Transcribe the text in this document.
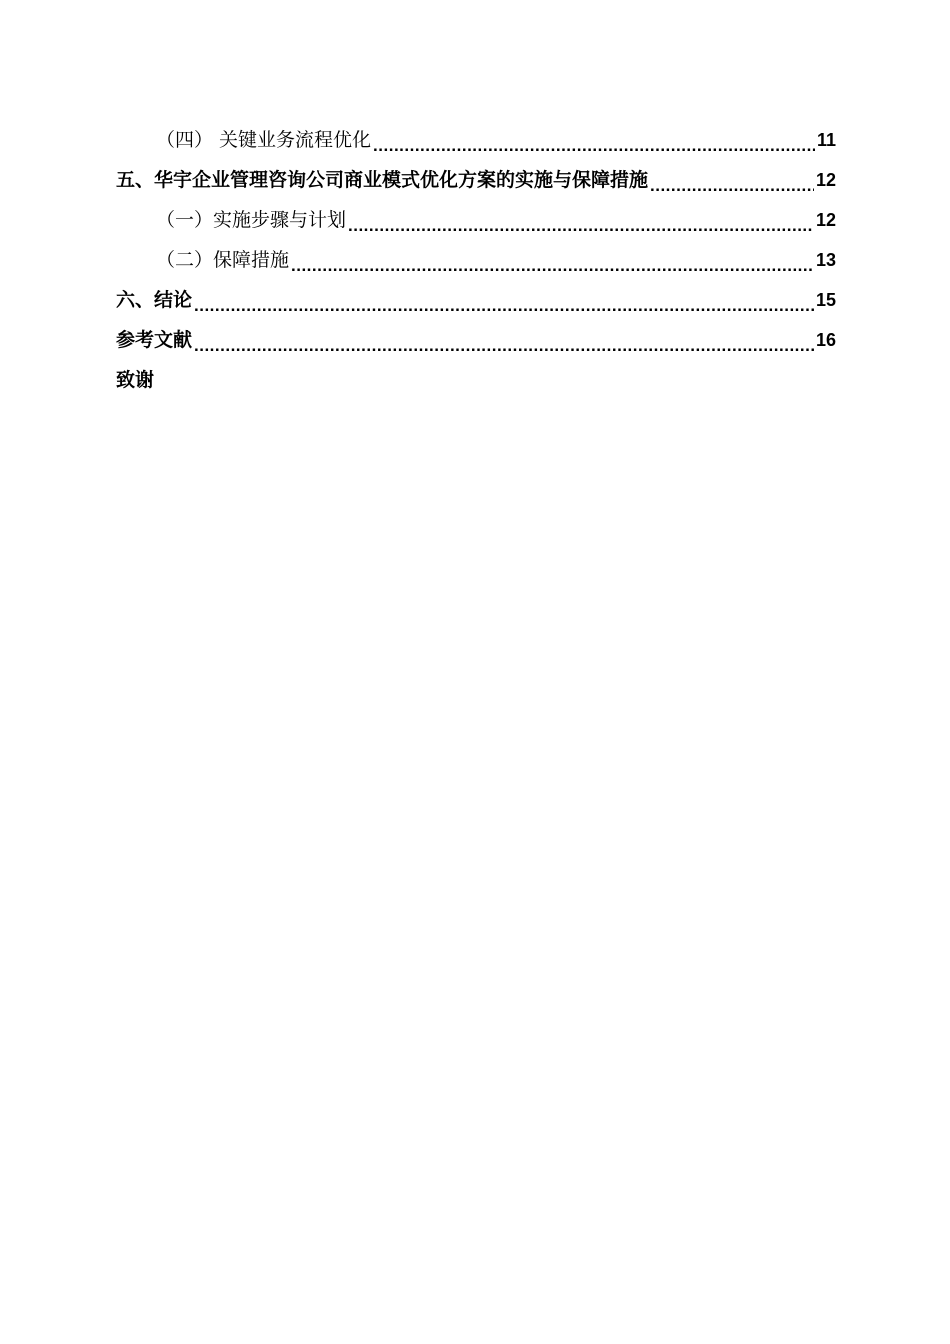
（四） 关键业务流程优化 .....	11
五、华宇企业管理咨询公司商业模式优化方案的实施与保障措施 .....	12
（一）实施步骤与计划 .....	12
（二）保障措施 .....	13
六、结论 .....	15
参考文献 .....	16
致谢
